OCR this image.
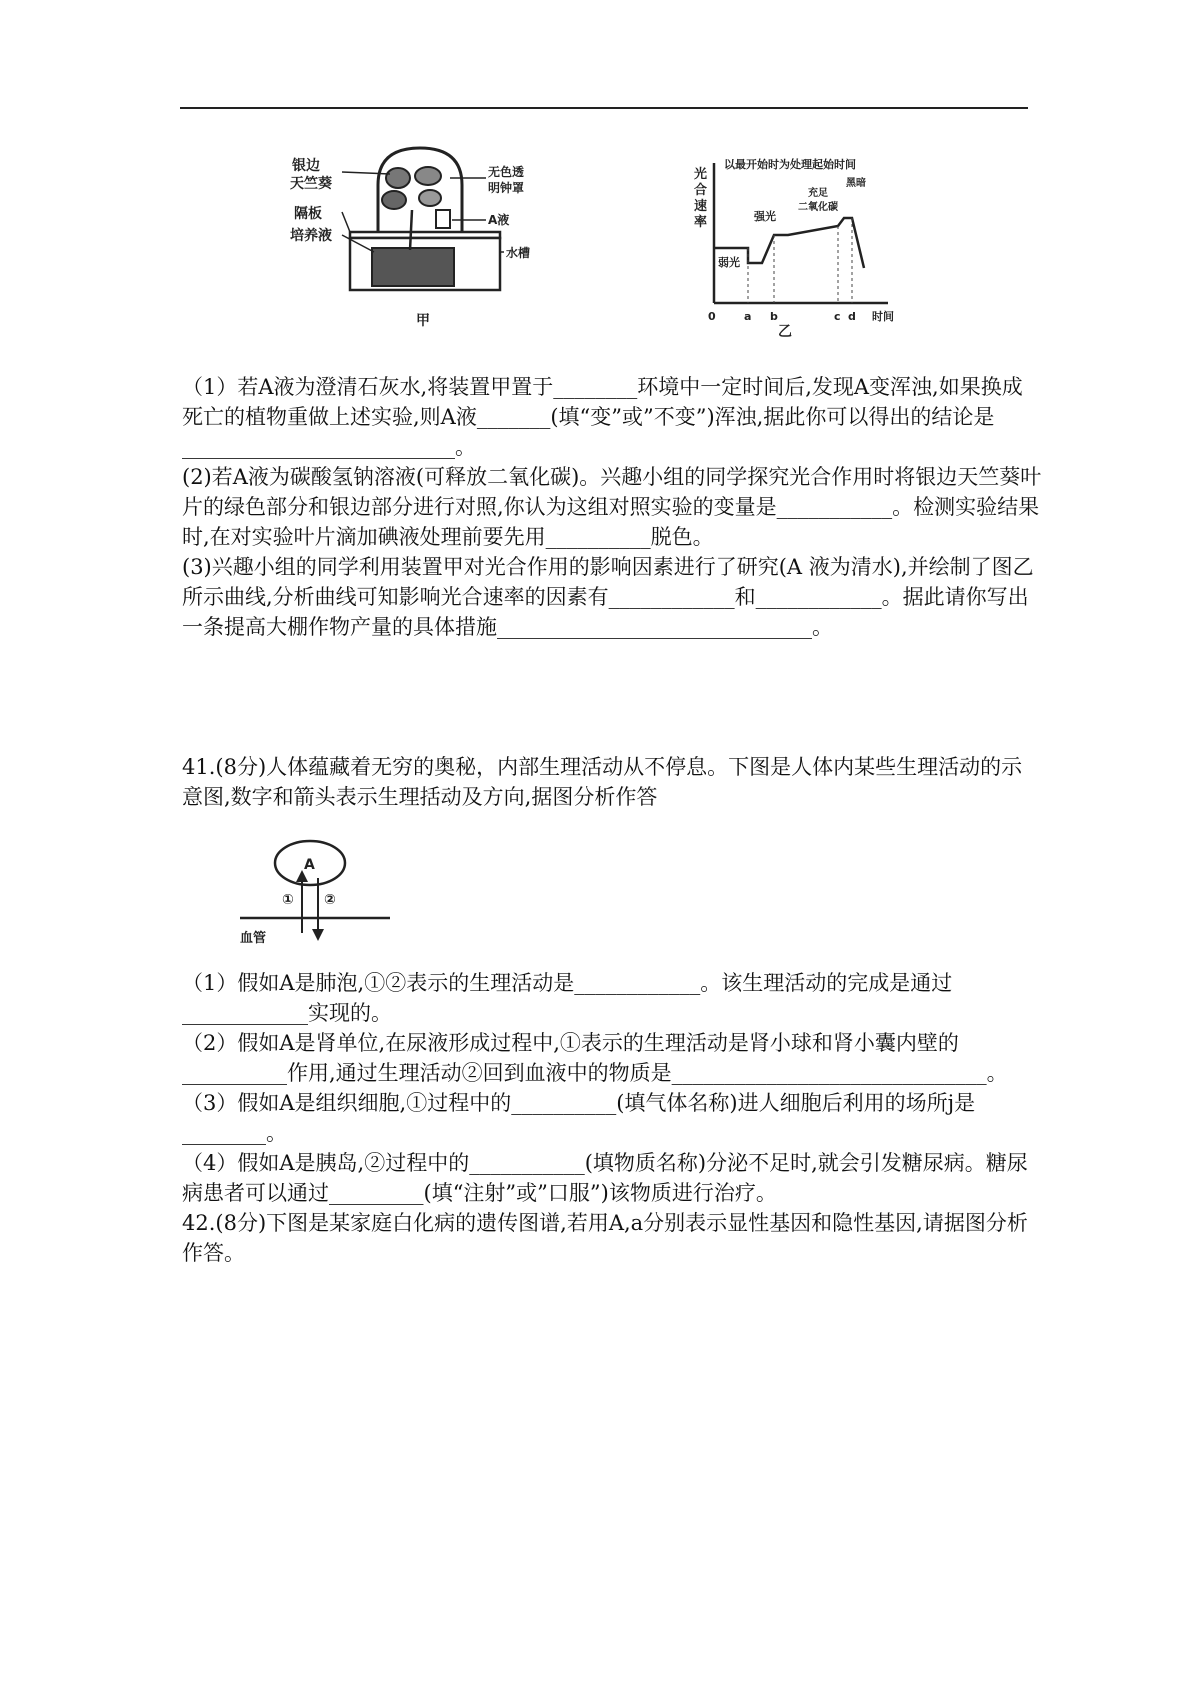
银边
天竺葵
隔板
培养液
无色透
明钟罩
A液
水槽
甲
光
合
速
率
以最开始时为处理起始时间
弱光
强光
充足
二氧化碳
黑暗
0	a b	c d 时间
乙

（1）若A液为澄清石灰水,将装置甲置于________环境中一定时间后,发现A变浑浊,如果换成死亡的植物重做上述实验,则A液_______(填“变”或”不变”)浑浊,据此你可以得出的结论是__________________________。

(2)若A液为碳酸氢钠溶液(可释放二氧化碳)。兴趣小组的同学探究光合作用时将银边天竺葵叶片的绿色部分和银边部分进行对照,你认为这组对照实验的变量是___________。检测实验结果时,在对实验叶片滴加碘液处理前要先用__________脱色。

(3)兴趣小组的同学利用装置甲对光合作用的影响因素进行了研究(A 液为清水),并绘制了图乙所示曲线,分析曲线可知影响光合速率的因素有____________和____________。据此请你写出一条提高大棚作物产量的具体措施______________________________。

41.(8分)人体蕴藏着无穷的奥秘，内部生理活动从不停息。下图是人体内某些生理活动的示意图,数字和箭头表示生理括动及方向,据图分析作答

A
① ②
血管

（1）假如A是肺泡,①②表示的生理活动是____________。该生理活动的完成是通过____________实现的。

（2）假如A是肾单位,在尿液形成过程中,①表示的生理活动是肾小球和肾小囊内壁的__________作用,通过生理活动②回到血液中的物质是______________________________。

（3）假如A是组织细胞,①过程中的__________(填气体名称)进人细胞后利用的场所j是________。

（4）假如A是胰岛,②过程中的___________(填物质名称)分泌不足时,就会引发糖尿病。糖尿病患者可以通过_________(填“注射”或”口服”)该物质进行治疗。

42.(8分)下图是某家庭白化病的遗传图谱,若用A,a分别表示显性基因和隐性基因,请据图分析作答。
